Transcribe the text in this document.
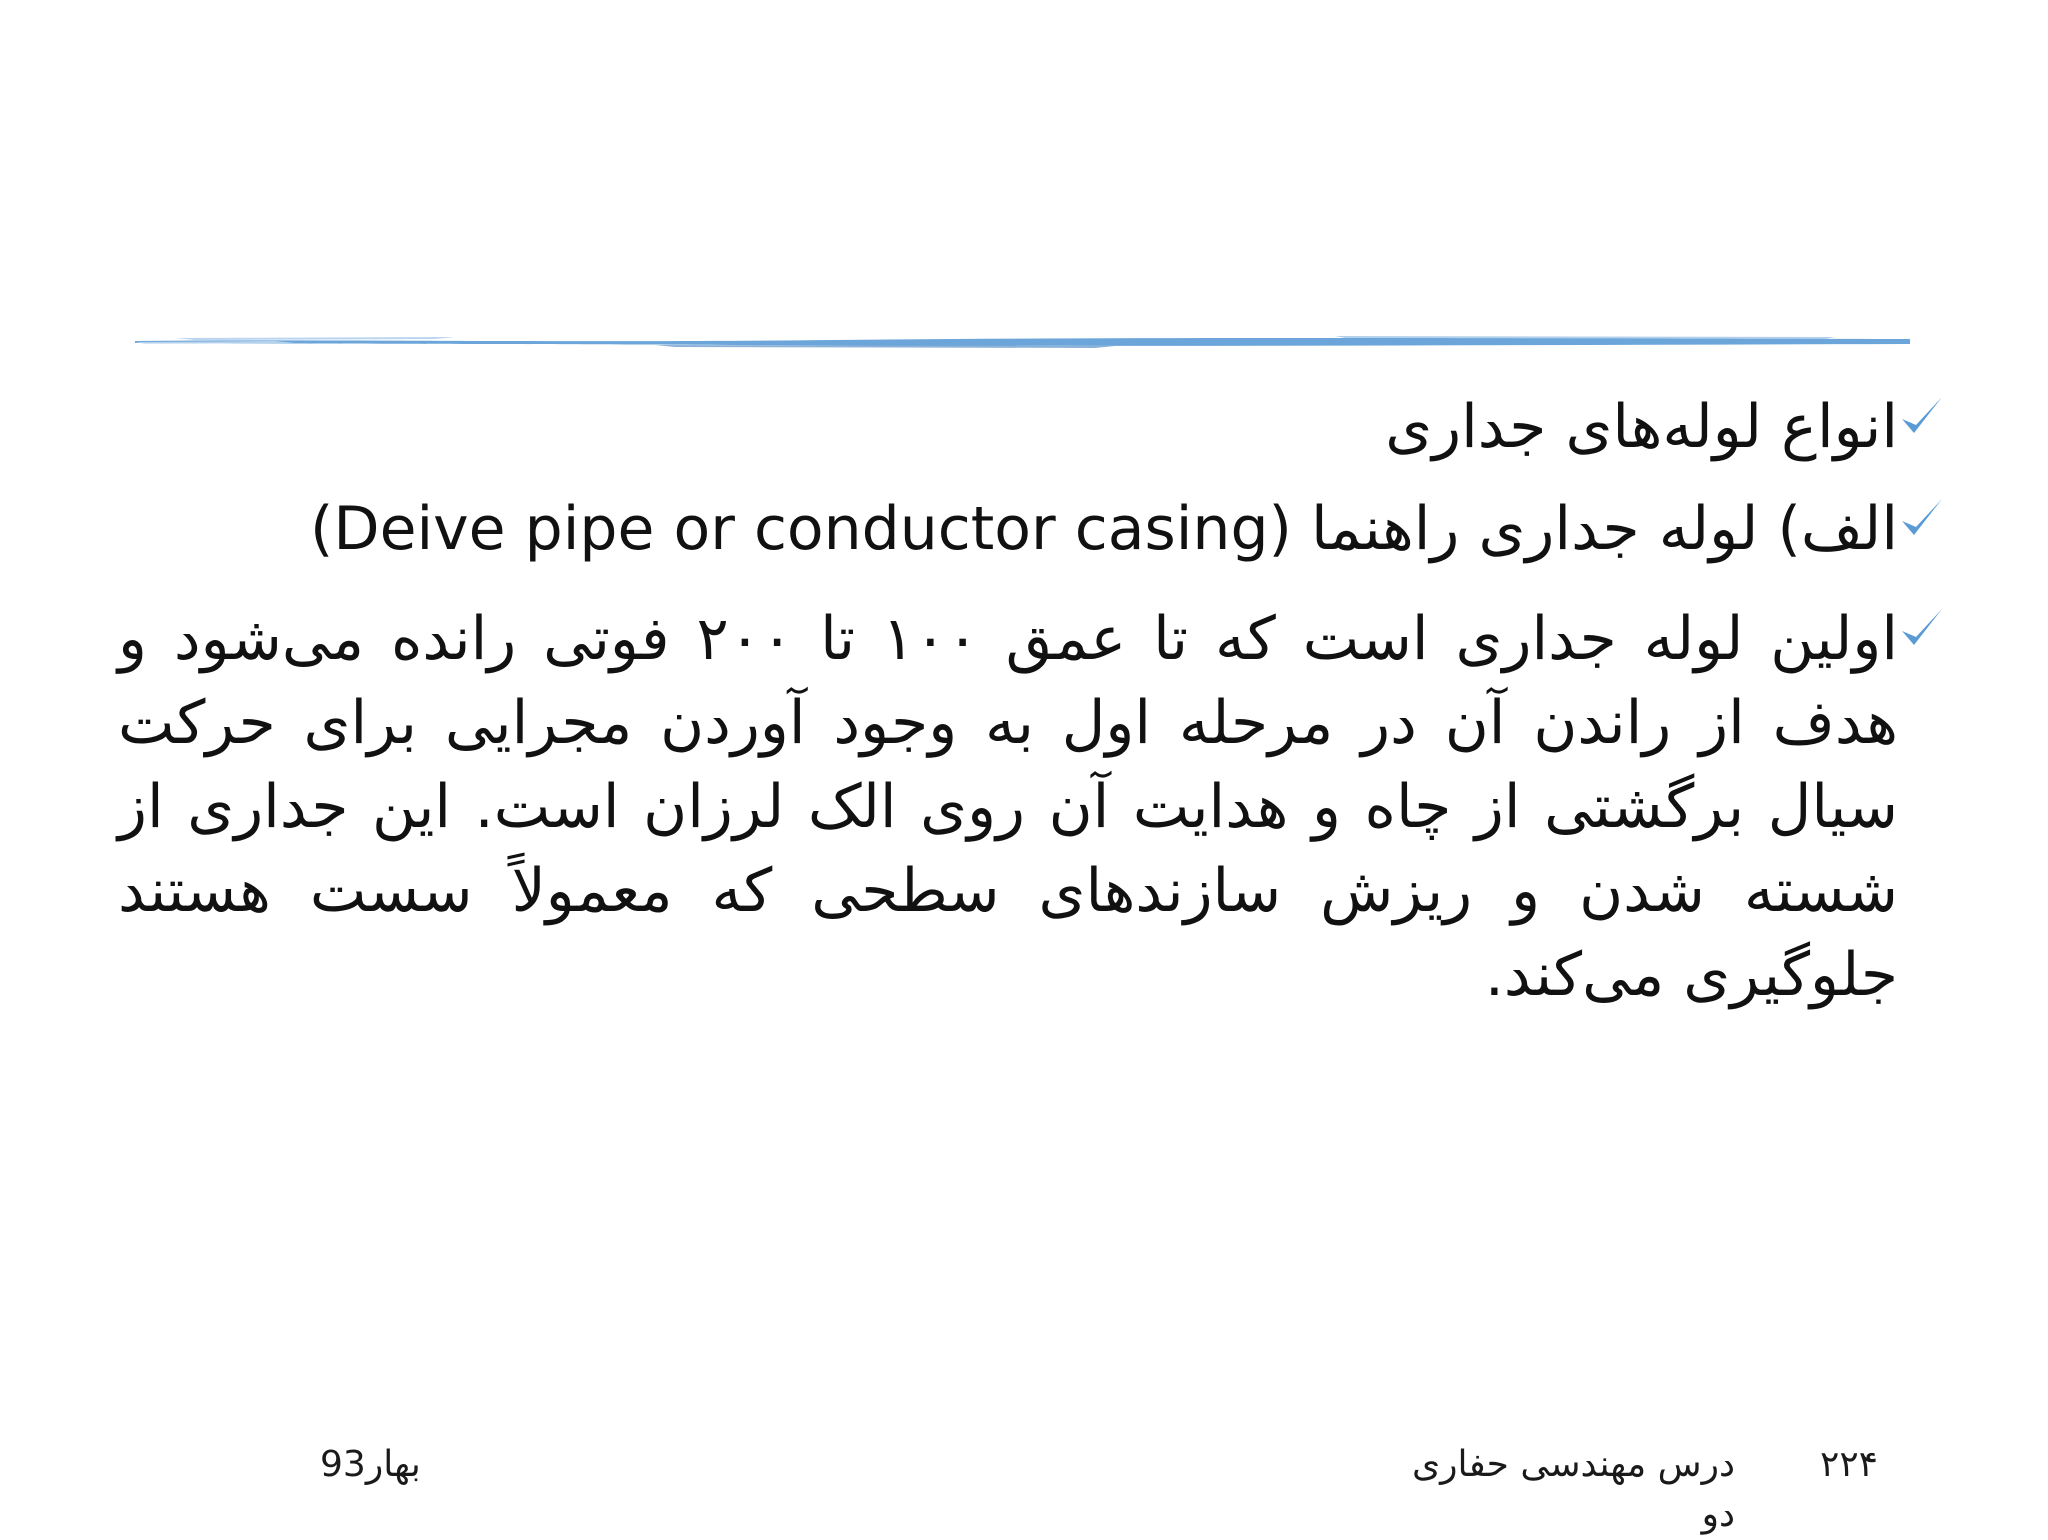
انواع لوله‌های جداری
الف) لوله جداری راهنما (Deive pipe or conductor casing)
اولین لوله جداری است که تا عمق ۱۰۰ تا ۲۰۰ فوتی رانده می‌شود و هدف از راندن آن در مرحله اول به وجود آوردن مجرایی برای حرکت سیال برگشتی از چاه و هدایت آن روی الک لرزان است. این جداری از شسته شدن و ریزش سازندهای سطحی که معمولاً سست هستند جلوگیری می‌کند.
۲۲۴
درس مهندسی حفاری دو
بهار93
